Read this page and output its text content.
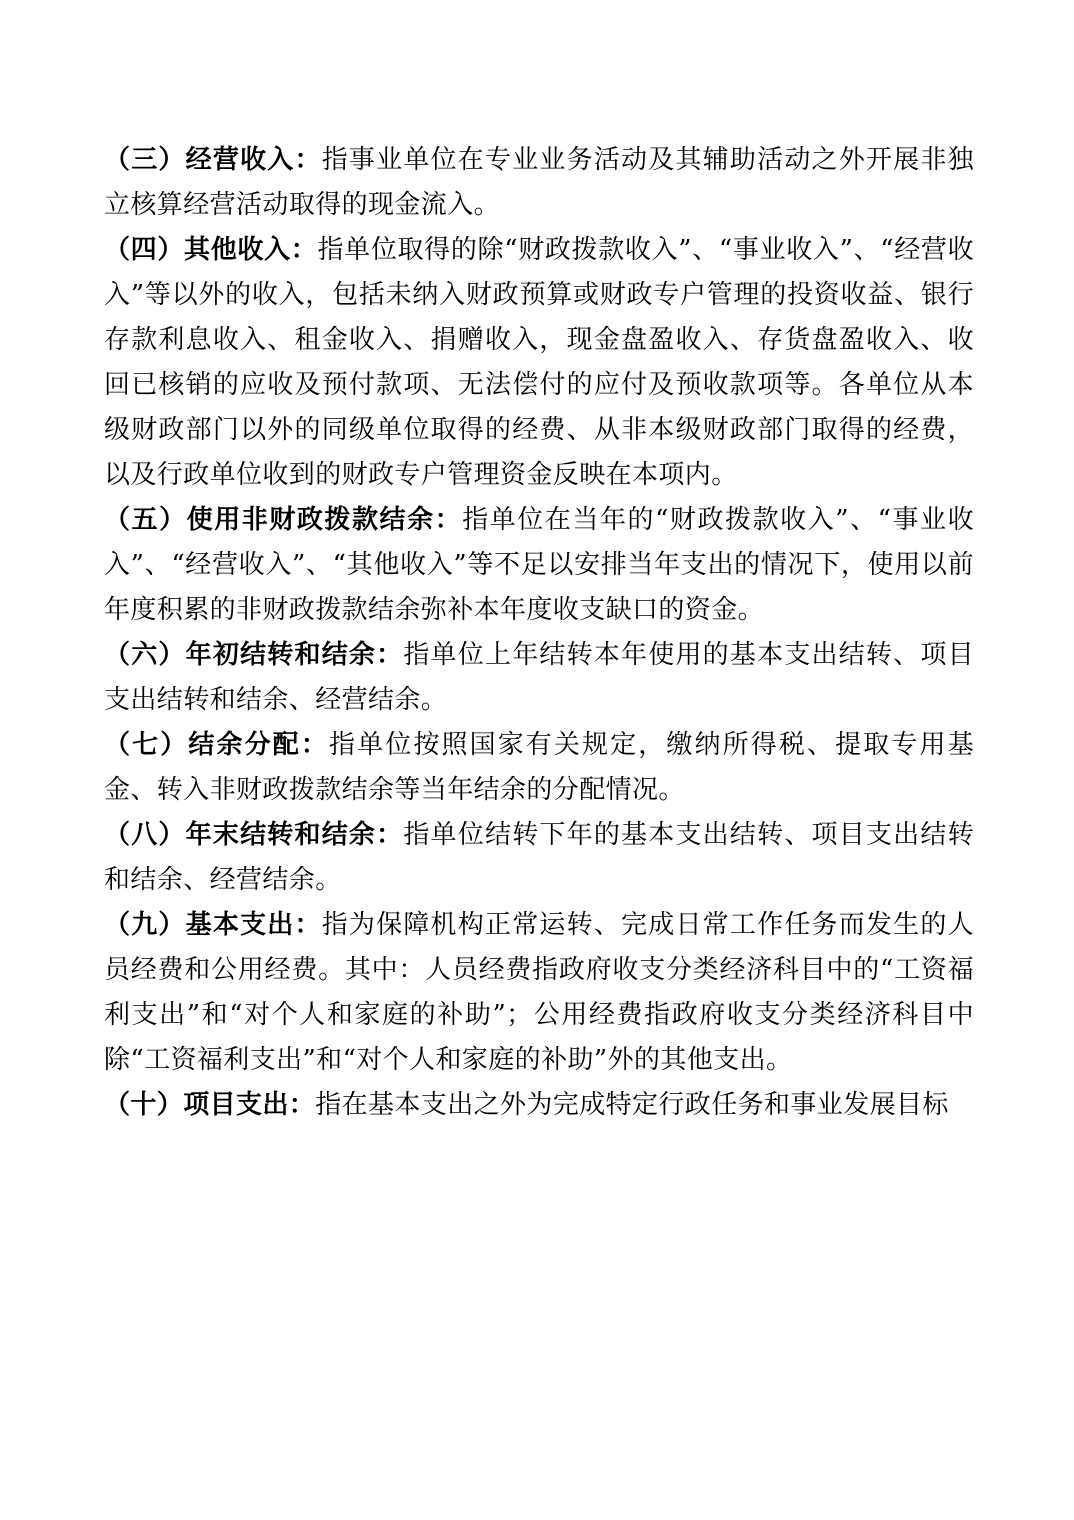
（三）经营收入：指事业单位在专业业务活动及其辅助活动之外开展非独立核算经营活动取得的现金流入。

（四）其他收入：指单位取得的除“财政拨款收入”、“事业收入”、“经营收入”等以外的收入，包括未纳入财政预算或财政专户管理的投资收益、银行存款利息收入、租金收入、捐赠收入，现金盘盈收入、存货盘盈收入、收回已核销的应收及预付款项、无法偿付的应付及预收款项等。各单位从本级财政部门以外的同级单位取得的经费、从非本级财政部门取得的经费，以及行政单位收到的财政专户管理资金反映在本项内。

（五）使用非财政拨款结余：指单位在当年的“财政拨款收入”、“事业收入”、“经营收入”、“其他收入”等不足以安排当年支出的情况下，使用以前年度积累的非财政拨款结余弥补本年度收支缺口的资金。

（六）年初结转和结余：指单位上年结转本年使用的基本支出结转、项目支出结转和结余、经营结余。

（七）结余分配：指单位按照国家有关规定，缴纳所得税、提取专用基金、转入非财政拨款结余等当年结余的分配情况。

（八）年末结转和结余：指单位结转下年的基本支出结转、项目支出结转和结余、经营结余。

（九）基本支出：指为保障机构正常运转、完成日常工作任务而发生的人员经费和公用经费。其中：人员经费指政府收支分类经济科目中的“工资福利支出”和“对个人和家庭的补助”；公用经费指政府收支分类经济科目中除“工资福利支出”和“对个人和家庭的补助”外的其他支出。

（十）项目支出：指在基本支出之外为完成特定行政任务和事业发展目标
